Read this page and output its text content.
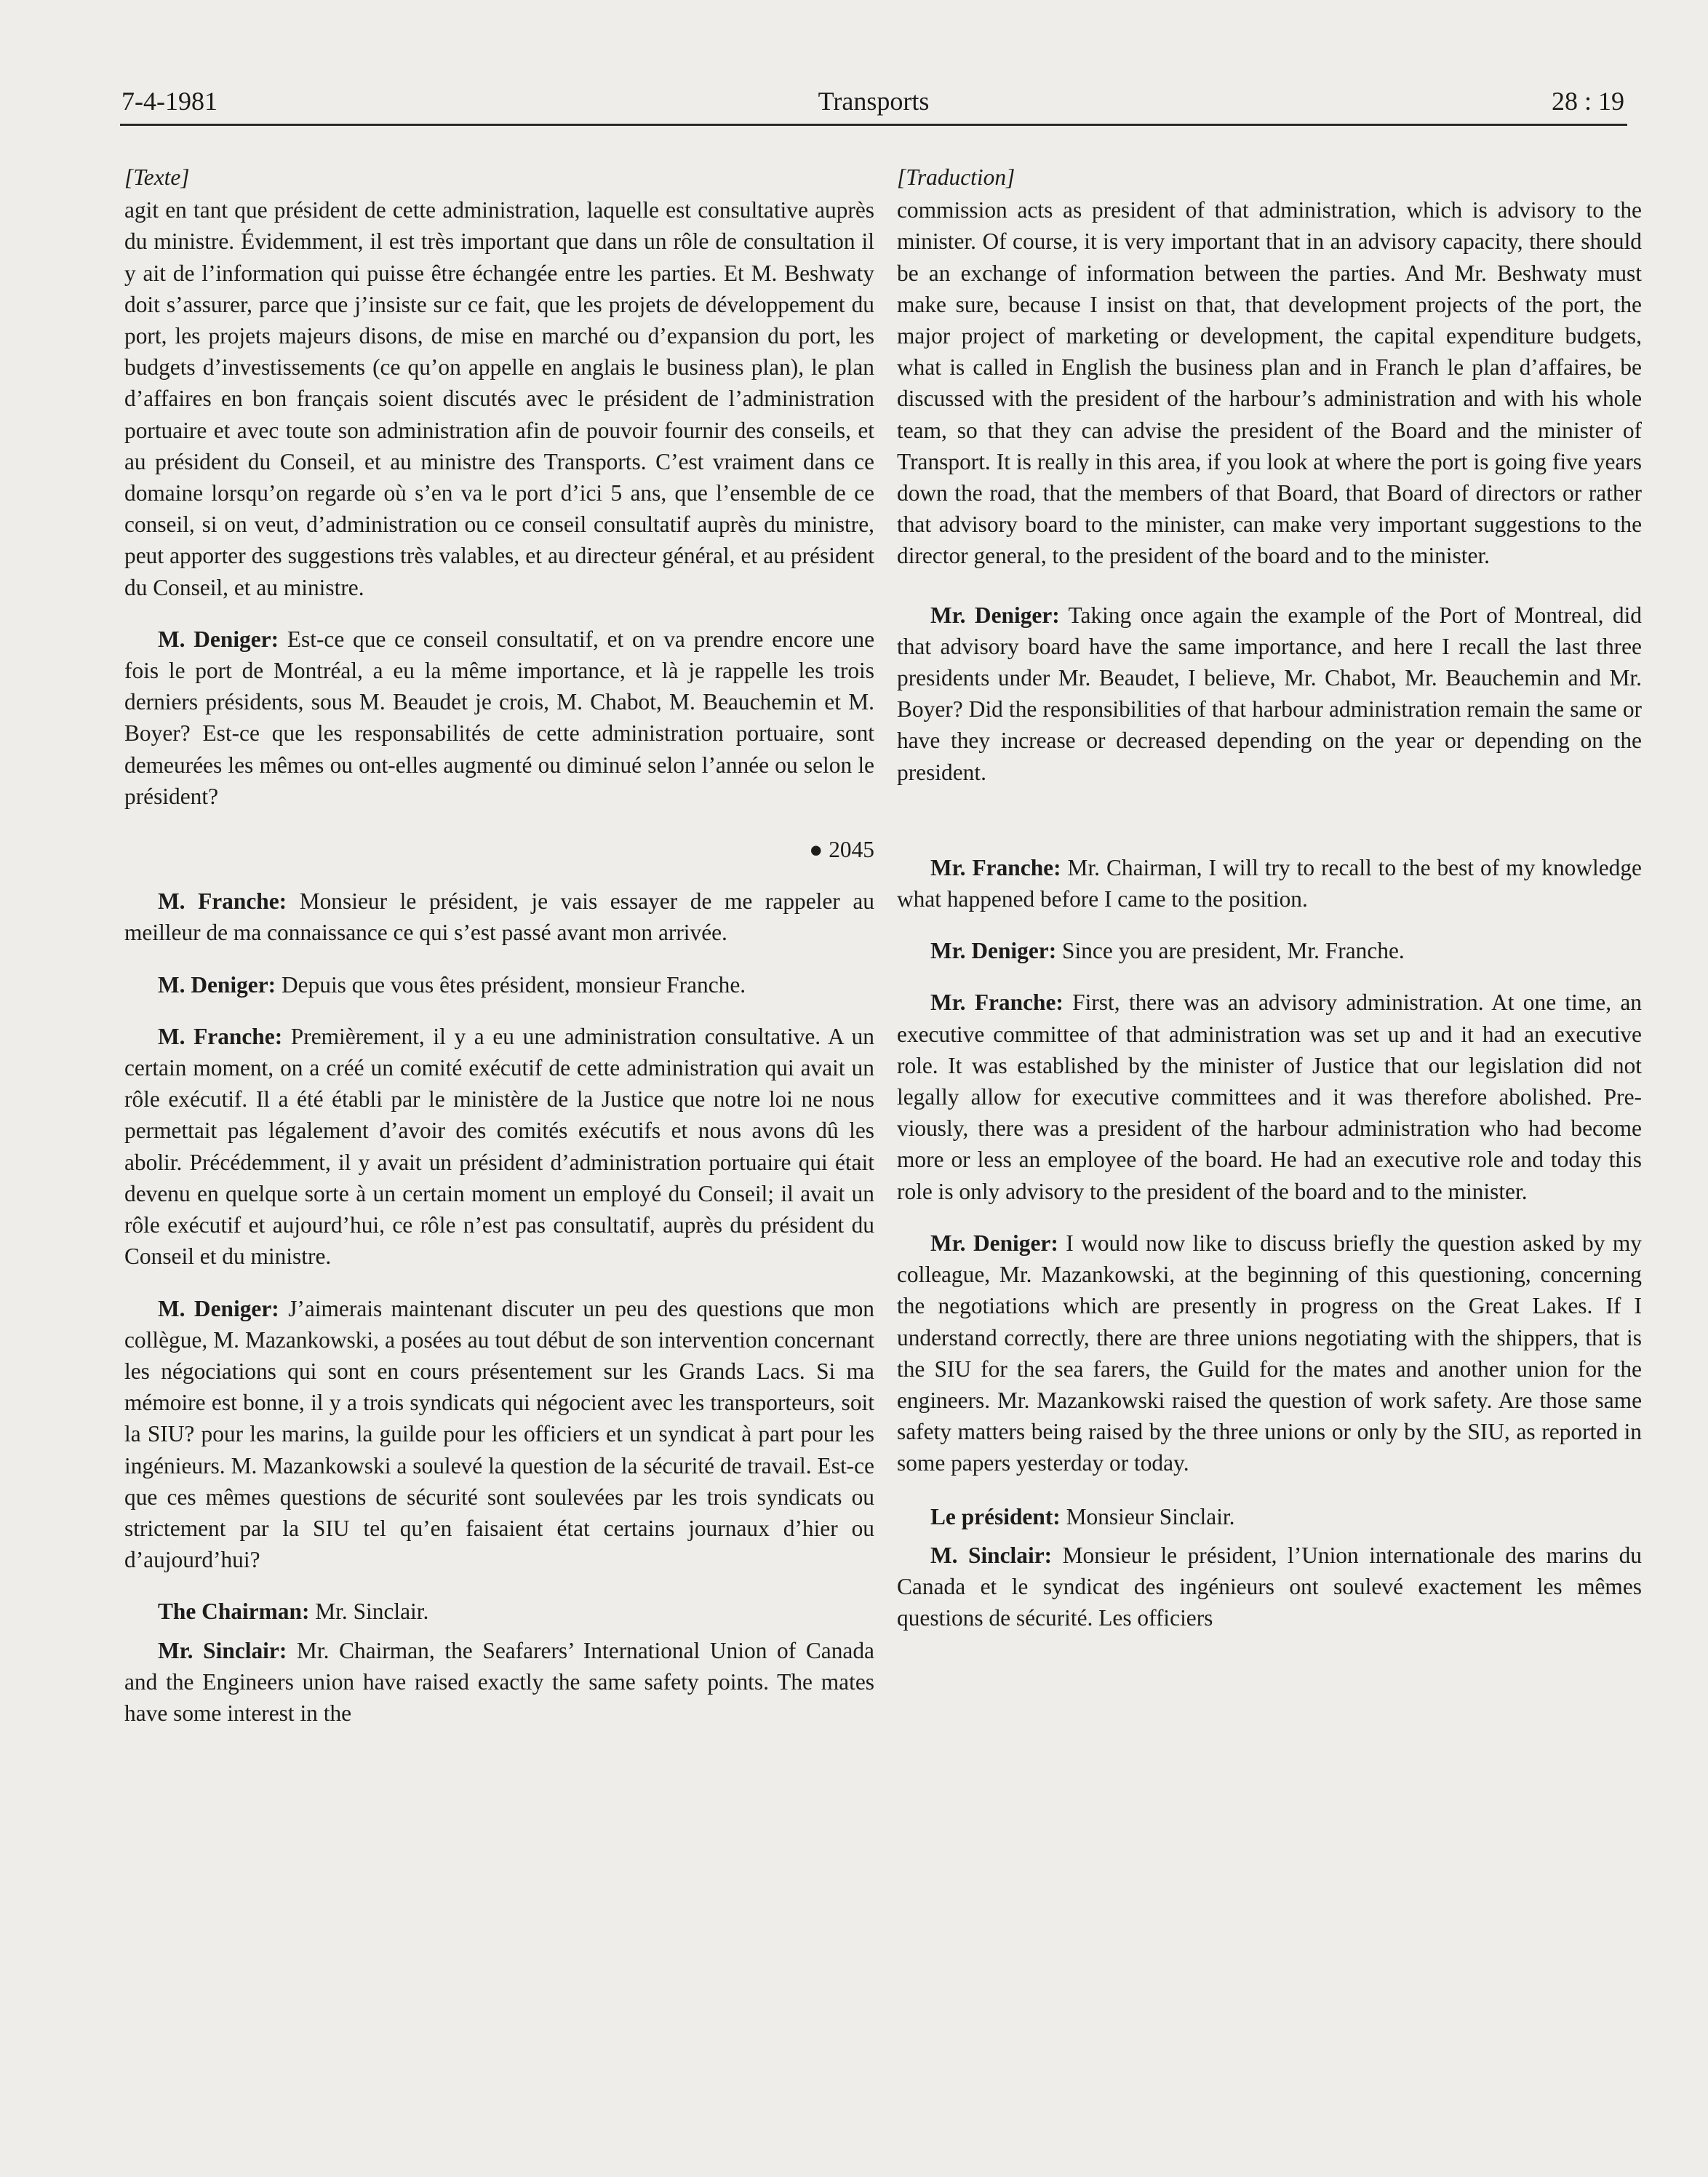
7-4-1981	Transports	28 : 19
[Texte]

agit en tant que président de cette administration, laquelle est consultative auprès du ministre. Évidemment, il est très important que dans un rôle de consultation il y ait de l’information qui puisse être échangée entre les parties. Et M. Beshwaty doit s’assurer, parce que j’insiste sur ce fait, que les projets de développement du port, les projets majeurs disons, de mise en marché ou d’expansion du port, les budgets d’investissements (ce qu’on appelle en anglais le business plan), le plan d’affaires en bon français soient discutés avec le président de l’administration portuaire et avec toute son administration afin de pouvoir fournir des conseils, et au président du Conseil, et au ministre des Transports. C’est vraiment dans ce domaine lorsqu’on regarde où s’en va le port d’ici 5 ans, que l’ensemble de ce conseil, si on veut, d’administration ou ce conseil consultatif auprès du ministre, peut apporter des suggestions très valables, et au directeur général, et au président du Conseil, et au ministre.

M. Deniger: Est-ce que ce conseil consultatif, et on va prendre encore une fois le port de Montréal, a eu la même importance, et là je rappelle les trois derniers présidents, sous M. Beaudet je crois, M. Chabot, M. Beauchemin et M. Boyer? Est-ce que les responsabilités de cette administration portuaire, sont demeurées les mêmes ou ont-elles augmenté ou diminué selon l’année ou selon le président?

● 2045

M. Franche: Monsieur le président, je vais essayer de me rappeler au meilleur de ma connaissance ce qui s’est passé avant mon arrivée.

M. Deniger: Depuis que vous êtes président, monsieur Franche.

M. Franche: Premièrement, il y a eu une administration consultative. A un certain moment, on a créé un comité exécutif de cette administration qui avait un rôle exécutif. Il a été établi par le ministère de la Justice que notre loi ne nous permettait pas légalement d’avoir des comités exécutifs et nous avons dû les abolir. Précédemment, il y avait un président d’administration portuaire qui était devenu en quelque sorte à un certain moment un employé du Conseil; il avait un rôle exécutif et aujourd’hui, ce rôle n’est pas consultatif, auprès du président du Conseil et du ministre.

M. Deniger: J’aimerais maintenant discuter un peu des questions que mon collègue, M. Mazankowski, a posées au tout début de son intervention concernant les négociations qui sont en cours présentement sur les Grands Lacs. Si ma mémoire est bonne, il y a trois syndicats qui négocient avec les transporteurs, soit la SIU? pour les marins, la guilde pour les officiers et un syndicat à part pour les ingénieurs. M. Mazankowski a soulevé la question de la sécurité de travail. Est-ce que ces mêmes questions de sécurité sont soulevées par les trois syndicats ou strictement par la SIU tel qu’en faisaient état certains journaux d’hier ou d’aujourd’hui?

The Chairman: Mr. Sinclair.

Mr. Sinclair: Mr. Chairman, the Seafarers’ International Union of Canada and the Engineers union have raised exactly the same safety points. The mates have some interest in the

[Traduction]

commission acts as president of that administration, which is advisory to the minister. Of course, it is very important that in an advisory capacity, there should be an exchange of information between the parties. And Mr. Beshwaty must make sure, because I insist on that, that development projects of the port, the major project of marketing or development, the capital expenditure budgets, what is called in English the business plan and in Franch le plan d’affaires, be discussed with the president of the harbour’s administration and with his whole team, so that they can advise the president of the Board and the minister of Transport. It is really in this area, if you look at where the port is going five years down the road, that the members of that Board, that Board of directors or rather that advisory board to the minister, can make very important suggestions to the director general, to the president of the board and to the minister.

Mr. Deniger: Taking once again the example of the Port of Montreal, did that advisory board have the same importance, and here I recall the last three presidents under Mr. Beaudet, I believe, Mr. Chabot, Mr. Beauchemin and Mr. Boyer? Did the responsibilities of that harbour administration remain the same or have they increase or decreased depending on the year or depending on the president.

Mr. Franche: Mr. Chairman, I will try to recall to the best of my knowledge what happened before I came to the position.

Mr. Deniger: Since you are president, Mr. Franche.

Mr. Franche: First, there was an advisory administration. At one time, an executive committee of that administration was set up and it had an executive role. It was established by the minister of Justice that our legislation did not legally allow for executive committees and it was therefore abolished. Previously, there was a president of the harbour administration who had become more or less an employee of the board. He had an executive role and today this role is only advisory to the president of the board and to the minister.

Mr. Deniger: I would now like to discuss briefly the question asked by my colleague, Mr. Mazankowski, at the beginning of this questioning, concerning the negotiations which are presently in progress on the Great Lakes. If I understand correctly, there are three unions negotiating with the shippers, that is the SIU for the sea farers, the Guild for the mates and another union for the engineers. Mr. Mazankowski raised the question of work safety. Are those same safety matters being raised by the three unions or only by the SIU, as reported in some papers yesterday or today.

Le président: Monsieur Sinclair.

M. Sinclair: Monsieur le président, l’Union internationale des marins du Canada et le syndicat des ingénieurs ont soulevé exactement les mêmes questions de sécurité. Les officiers
